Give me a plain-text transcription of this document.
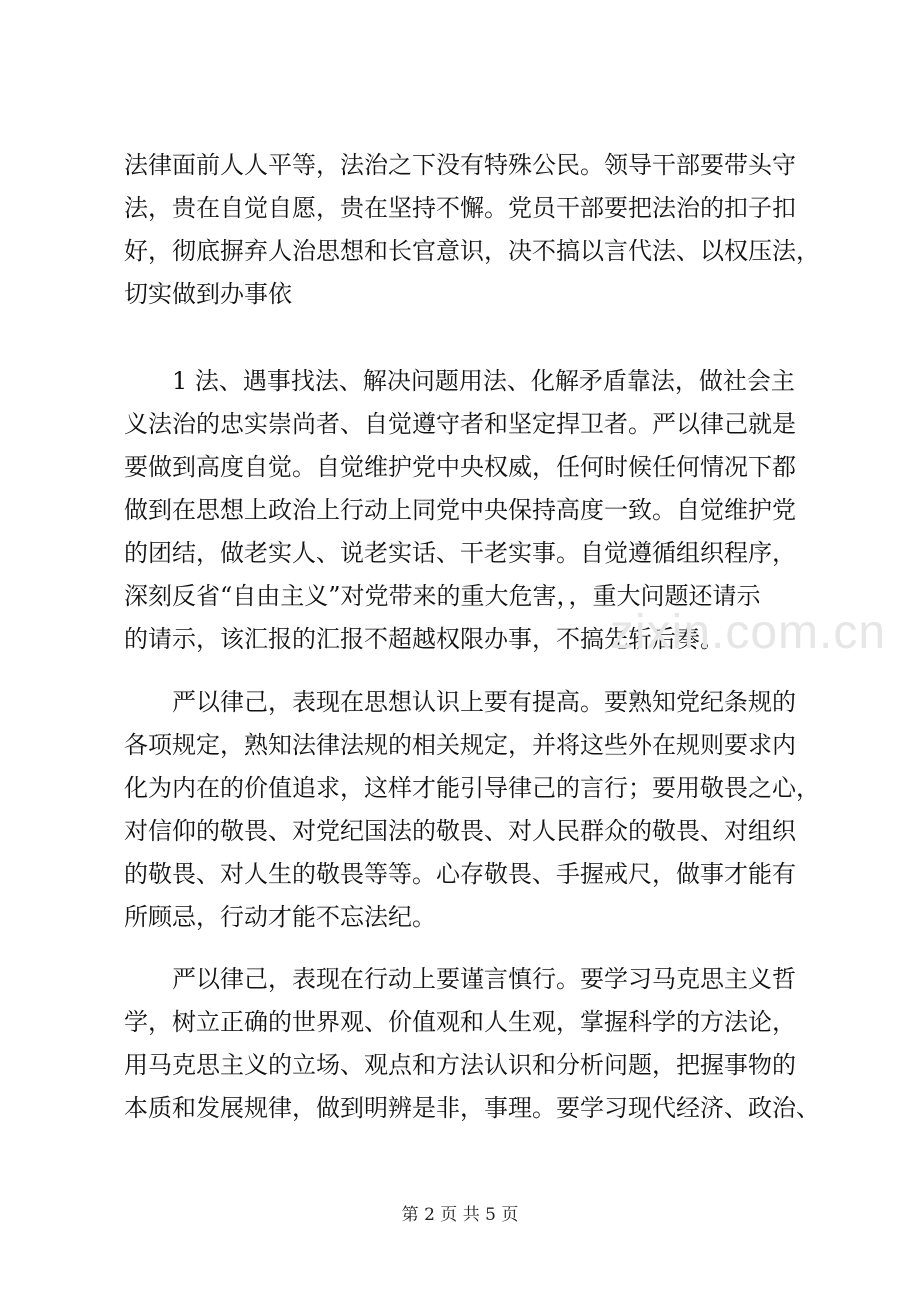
法律面前人人平等，法治之下没有特殊公民。领导干部要带头守
法，贵在自觉自愿，贵在坚持不懈。党员干部要把法治的扣子扣
好，彻底摒弃人治思想和长官意识，决不搞以言代法、以权压法，
切实做到办事依
1 法、遇事找法、解决问题用法、化解矛盾靠法，做社会主
义法治的忠实崇尚者、自觉遵守者和坚定捍卫者。严以律己就是
要做到高度自觉。自觉维护党中央权威，任何时候任何情况下都
做到在思想上政治上行动上同党中央保持高度一致。自觉维护党
的团结，做老实人、说老实话、干老实事。自觉遵循组织程序，
深刻反省“自由主义”对党带来的重大危害，，重大问题还请示
的请示，该汇报的汇报不超越权限办事，不搞先斩后奏。
严以律己，表现在思想认识上要有提高。要熟知党纪条规的
各项规定，熟知法律法规的相关规定，并将这些外在规则要求内
化为内在的价值追求，这样才能引导律己的言行；要用敬畏之心，
对信仰的敬畏、对党纪国法的敬畏、对人民群众的敬畏、对组织
的敬畏、对人生的敬畏等等。心存敬畏、手握戒尺，做事才能有
所顾忌，行动才能不忘法纪。
严以律己，表现在行动上要谨言慎行。要学习马克思主义哲
学，树立正确的世界观、价值观和人生观，掌握科学的方法论，
用马克思主义的立场、观点和方法认识和分析问题，把握事物的
本质和发展规律，做到明辨是非，事理。要学习现代经济、政治、
zixin.com.cn
第 2 页 共 5 页
